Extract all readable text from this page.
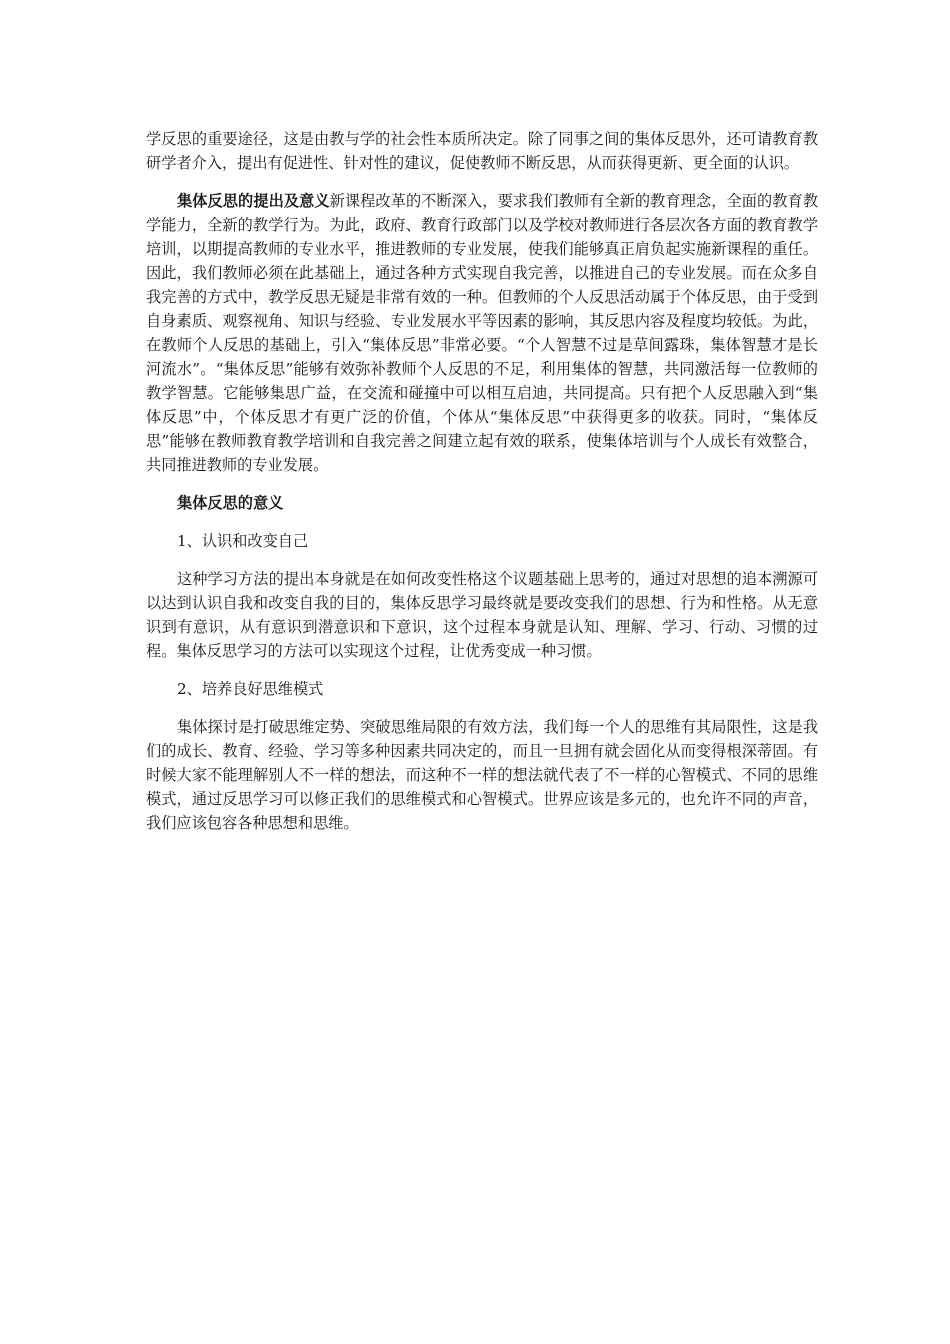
学反思的重要途径，这是由教与学的社会性本质所决定。除了同事之间的集体反思外，还可请教育教研学者介入，提出有促进性、针对性的建议，促使教师不断反思，从而获得更新、更全面的认识。

集体反思的提出及意义新课程改革的不断深入，要求我们教师有全新的教育理念，全面的教育教学能力，全新的教学行为。为此，政府、教育行政部门以及学校对教师进行各层次各方面的教育教学培训，以期提高教师的专业水平，推进教师的专业发展，使我们能够真正肩负起实施新课程的重任。因此，我们教师必须在此基础上，通过各种方式实现自我完善，以推进自己的专业发展。而在众多自我完善的方式中，教学反思无疑是非常有效的一种。但教师的个人反思活动属于个体反思，由于受到自身素质、观察视角、知识与经验、专业发展水平等因素的影响，其反思内容及程度均较低。为此，在教师个人反思的基础上，引入“集体反思”非常必要。“个人智慧不过是草间露珠，集体智慧才是长河流水”。“集体反思”能够有效弥补教师个人反思的不足，利用集体的智慧，共同激活每一位教师的教学智慧。它能够集思广益，在交流和碰撞中可以相互启迪，共同提高。只有把个人反思融入到“集体反思”中，个体反思才有更广泛的价值，个体从“集体反思”中获得更多的收获。同时，“集体反思”能够在教师教育教学培训和自我完善之间建立起有效的联系，使集体培训与个人成长有效整合，共同推进教师的专业发展。

集体反思的意义

1、认识和改变自己

这种学习方法的提出本身就是在如何改变性格这个议题基础上思考的，通过对思想的追本溯源可以达到认识自我和改变自我的目的，集体反思学习最终就是要改变我们的思想、行为和性格。从无意识到有意识，从有意识到潜意识和下意识，这个过程本身就是认知、理解、学习、行动、习惯的过程。集体反思学习的方法可以实现这个过程，让优秀变成一种习惯。

2、培养良好思维模式

集体探讨是打破思维定势、突破思维局限的有效方法，我们每一个人的思维有其局限性，这是我们的成长、教育、经验、学习等多种因素共同决定的，而且一旦拥有就会固化从而变得根深蒂固。有时候大家不能理解别人不一样的想法，而这种不一样的想法就代表了不一样的心智模式、不同的思维模式，通过反思学习可以修正我们的思维模式和心智模式。世界应该是多元的，也允许不同的声音，我们应该包容各种思想和思维。
